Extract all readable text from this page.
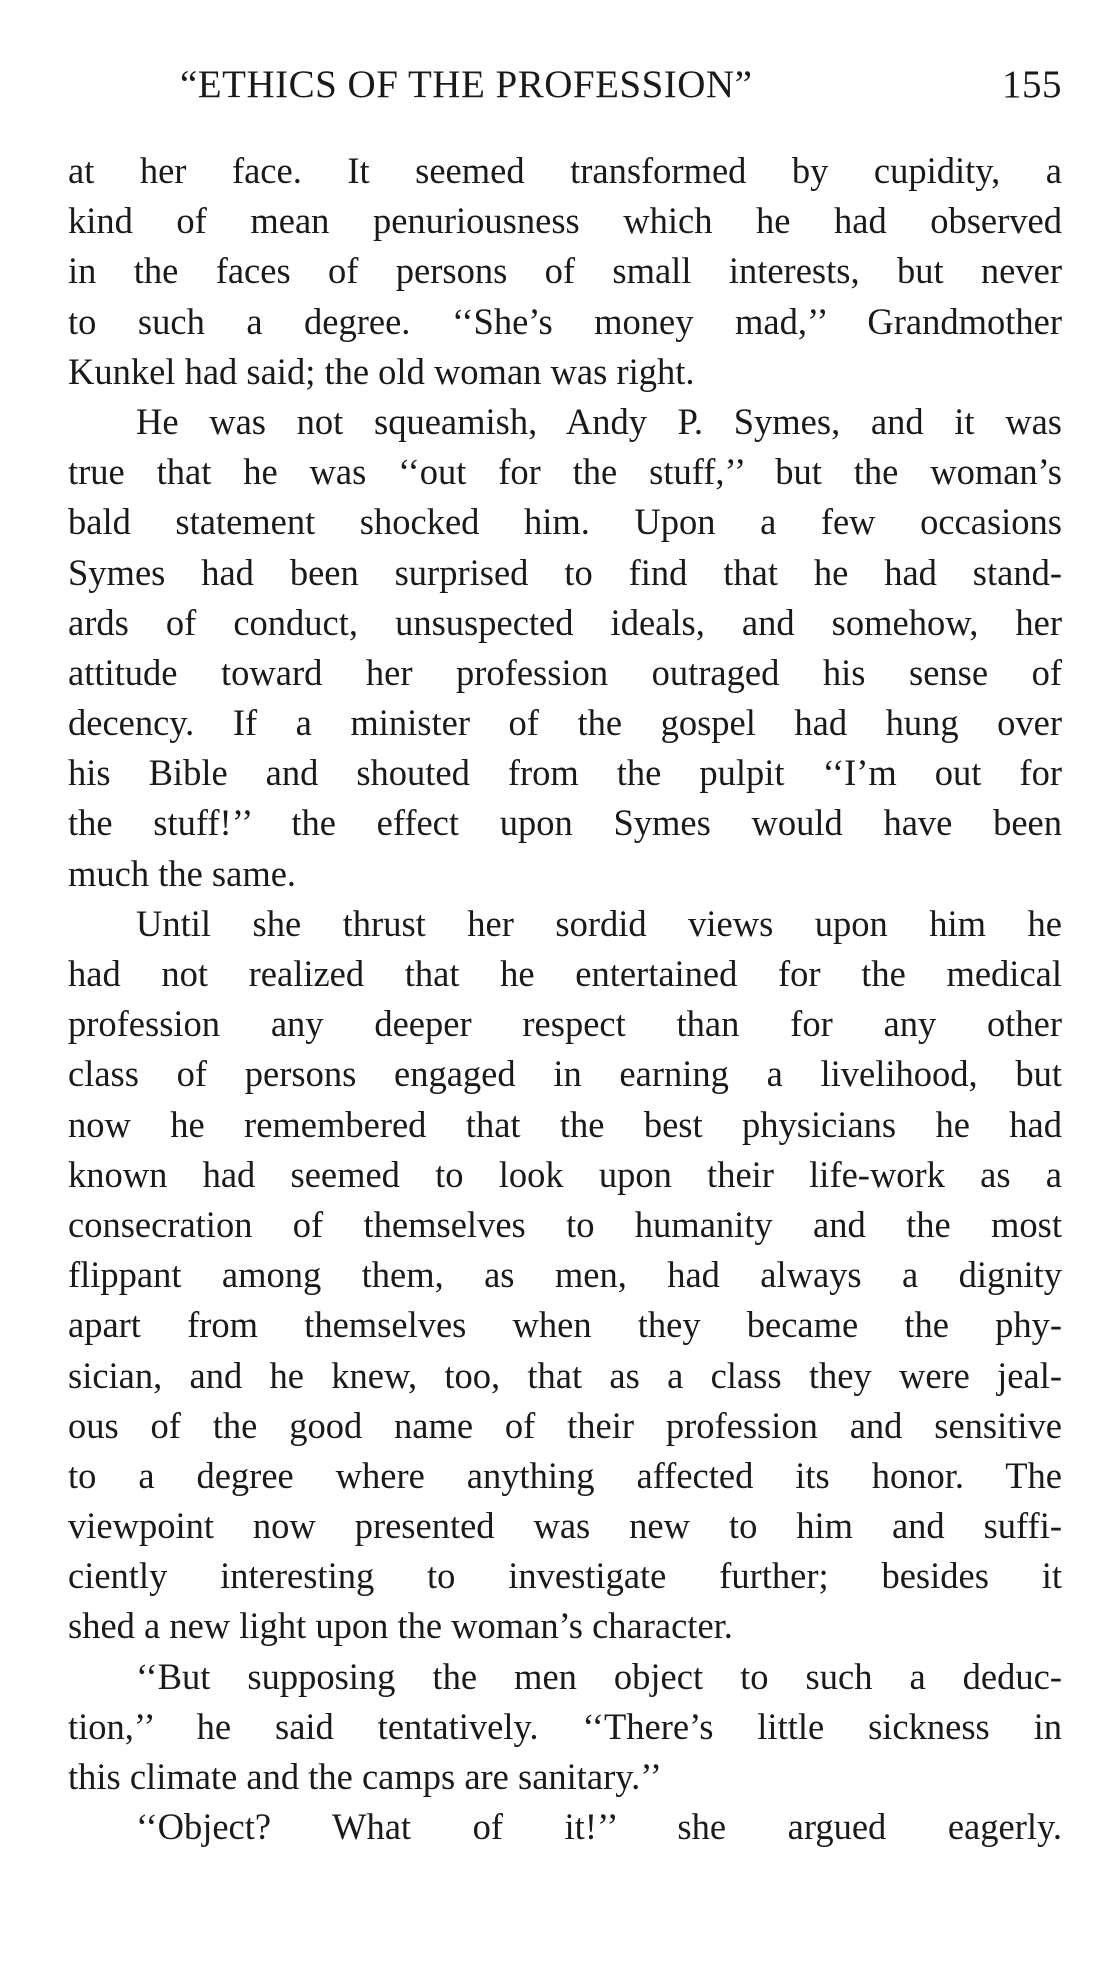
“ETHICS OF THE PROFESSION”	155
at her face. It seemed transformed by cupidity, a
kind of mean penuriousness which he had observed
in the faces of persons of small interests, but never
to such a degree. ‘‘She’s money mad,’’ Grandmother
Kunkel had said; the old woman was right.
He was not squeamish, Andy P. Symes, and it was
true that he was ‘‘out for the stuff,’’ but the woman’s
bald statement shocked him. Upon a few occasions
Symes had been surprised to find that he had stand-
ards of conduct, unsuspected ideals, and somehow, her
attitude toward her profession outraged his sense of
decency. If a minister of the gospel had hung over
his Bible and shouted from the pulpit ‘‘I’m out for
the stuff!’’ the effect upon Symes would have been
much the same.
Until she thrust her sordid views upon him he
had not realized that he entertained for the medical
profession any deeper respect than for any other
class of persons engaged in earning a livelihood, but
now he remembered that the best physicians he had
known had seemed to look upon their life-work as a
consecration of themselves to humanity and the most
flippant among them, as men, had always a dignity
apart from themselves when they became the phy-
sician, and he knew, too, that as a class they were jeal-
ous of the good name of their profession and sensitive
to a degree where anything affected its honor. The
viewpoint now presented was new to him and suffi-
ciently interesting to investigate further; besides it
shed a new light upon the woman’s character.
‘‘But supposing the men object to such a deduc-
tion,’’ he said tentatively. ‘‘There’s little sickness in
this climate and the camps are sanitary.’’
‘‘Object? What of it!’’ she argued eagerly.
